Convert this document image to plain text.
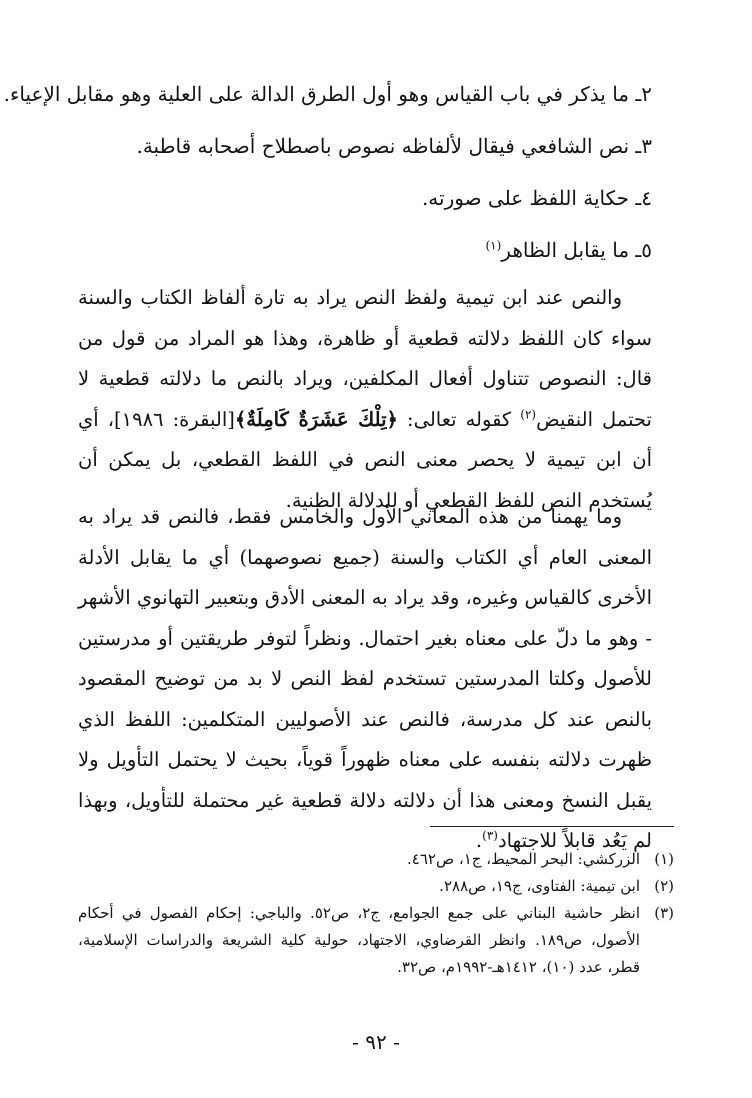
٢ـ ما يذكر في باب القياس وهو أول الطرق الدالة على العلية وهو مقابل الإعياء.
٣ـ نص الشافعي فيقال لألفاظه نصوص باصطلاح أصحابه قاطبة.
٤ـ حكاية اللفظ على صورته.
٥ـ ما يقابل الظاهر$^{(١)}$

والنص عند ابن تيمية ولفظ النص يراد به تارة ألفاظ الكتاب والسنة سواء كان اللفظ دلالته قطعية أو ظاهرة، وهذا هو المراد من قول من قال: النصوص تتناول أفعال المكلفين، ويراد بالنص ما دلالته قطعية لا تحتمل النقيض$^{(٢)}$ كقوله تعالى: ﴿تِلْكَ عَشَرَةٌ كَامِلَةٌ﴾[البقرة: ١٩٨٦]، أي أن ابن تيمية لا يحصر معنى النص في اللفظ القطعي، بل يمكن أن يُستخدم النص للفظ القطعي أو للدلالة الظنية.

وما يهمنا من هذه المعاني الأول والخامس فقط، فالنص قد يراد به المعنى العام أي الكتاب والسنة (جميع نصوصهما) أي ما يقابل الأدلة الأخرى كالقياس وغيره، وقد يراد به المعنى الأدق وبتعبير التهانوي الأشهر - وهو ما دلّ على معناه بغير احتمال. ونظراً لتوفر طريقتين أو مدرستين للأصول وكلتا المدرستين تستخدم لفظ النص لا بد من توضيح المقصود بالنص عند كل مدرسة، فالنص عند الأصوليين المتكلمين: اللفظ الذي ظهرت دلالته بنفسه على معناه ظهوراً قوياً، بحيث لا يحتمل التأويل ولا يقبل النسخ ومعنى هذا أن دلالته دلالة قطعية غير محتملة للتأويل، وبهذا لم يَعُد قابلاً للاجتهاد$^{(٣)}$.

(١)
الزركشي: البحر المحيط، ج١، ص٤٦٢.
(٢)
ابن تيمية: الفتاوى، ج١٩، ص٢٨٨.
(٣)
انظر حاشية البناني على جمع الجوامع، ج٢، ص٥٢. والباجي: إحكام الفصول في أحكام الأصول، ص١٨٩. وانظر القرضاوي، الاجتهاد، حولية كلية الشريعة والدراسات الإسلامية، قطر، عدد (١٠)، ١٤١٢هـ-١٩٩٢م، ص٣٢.
- ٩٢ -
